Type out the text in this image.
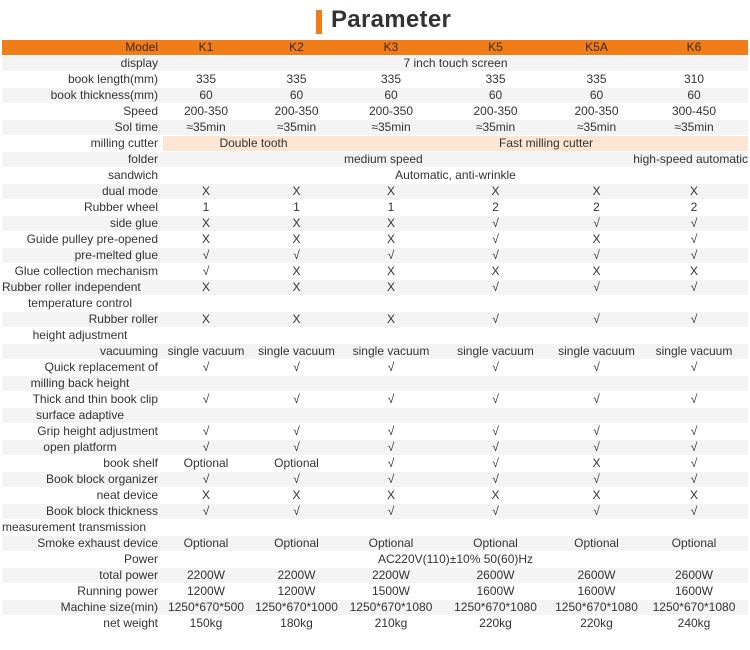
Parameter
Model	K1	K2	K3	K5	K5A	K6
display	7 inch touch screen					
book length(mm)	335	335	335	335	335	310
book thickness(mm)	60	60	60	60	60	60
Speed	200-350	200-350	200-350	200-350	200-350	300-450
Sol time	≈35min	≈35min	≈35min	≈35min	≈35min	≈35min
milling cutter	Double tooth		Fast milling cutter			
folder			medium speed		high-speed automatic	
sandwich	Automatic, anti-wrinkle					
dual mode	X	X	X	X	X	X
Rubber wheel	1	1	1	2	2	2
side glue	X	X	X	√	√	√
Guide pulley pre-opened	X	X	X	√	X	√
pre-melted glue	√	√	√	√	√	√
Glue collection mechanism	√	X	X	X	X	X
Rubber roller independent	X	X	X	√	√	√
temperature control						
Rubber roller	X	X	X	√	√	√
height adjustment						
vacuuming	single vacuum	single vacuum	single vacuum	single vacuum	single vacuum	single vacuum
Quick replacement of	√	√	√	√	√	√
milling back height						
Thick and thin book clip	√	√	√	√	√	√
surface adaptive						
Grip height adjustment	√	√	√	√	√	√
open platform	√	√	√	√	√	√
book shelf	Optional	Optional	√	√	X	√
Book block organizer	√	√	√	√	√	√
neat device	X	X	X	X	X	X
Book block thickness	√	√	√	√	√	√
measurement transmission						
Smoke exhaust device	Optional	Optional	Optional	Optional	Optional	Optional
Power	AC220V(110)±10% 50(60)Hz					
total power	2200W	2200W	2200W	2600W	2600W	2600W
Running power	1200W	1200W	1500W	1600W	1600W	1600W
Machine size(min)	1250*670*500	1250*670*1000	1250*670*1080	1250*670*1080	1250*670*1080	1250*670*1080
net weight	150kg	180kg	210kg	220kg	220kg	240kg
